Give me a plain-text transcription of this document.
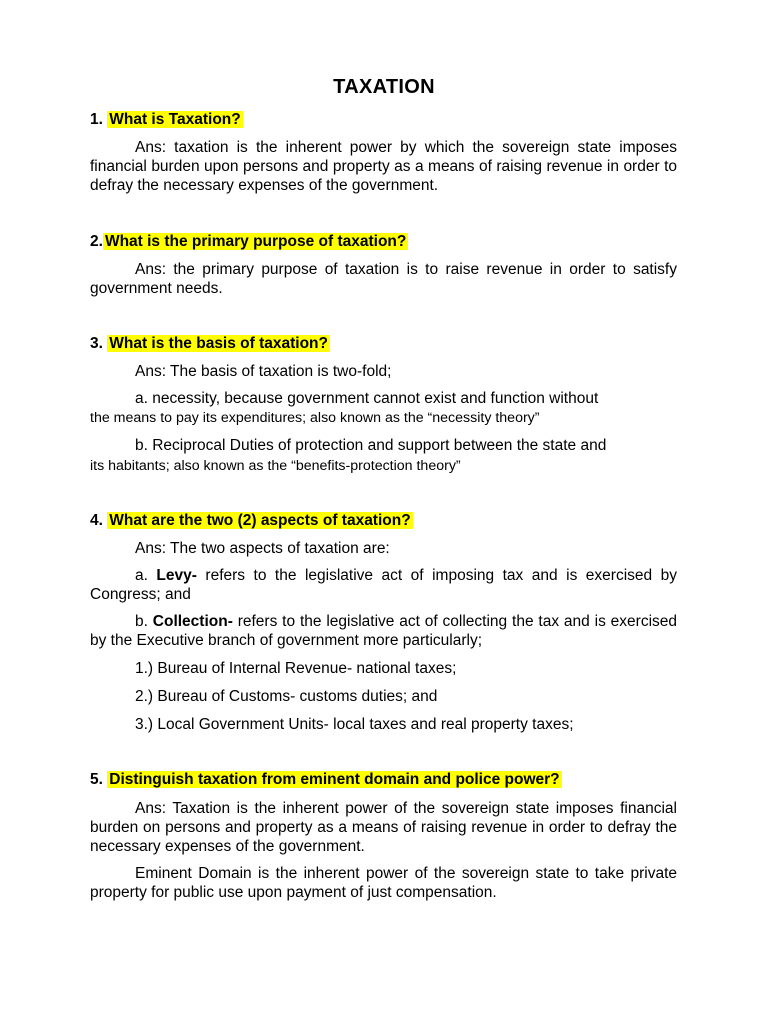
TAXATION
1. What is Taxation?
Ans: taxation is the inherent power by which the sovereign state imposes financial burden upon persons and property as a means of raising revenue in order to defray the necessary expenses of the government.
2. What is the primary purpose of taxation?
Ans: the primary purpose of taxation is to raise revenue in order to satisfy government needs.
3. What is the basis of taxation?
Ans: The basis of taxation is two-fold;
a. necessity, because government cannot exist and function without
the means to pay its expenditures; also known as the “necessity theory”
b. Reciprocal Duties of protection and support between the state and
its habitants; also known as the “benefits-protection theory”
4. What are the two (2) aspects of taxation?
Ans: The two aspects of taxation are:
a. Levy- refers to the legislative act of imposing tax and is exercised by Congress; and
b. Collection- refers to the legislative act of collecting the tax and is exercised by the Executive branch of government more particularly;
1.) Bureau of Internal Revenue- national taxes;
2.) Bureau of Customs- customs duties; and
3.) Local Government Units- local taxes and real property taxes;
5. Distinguish taxation from eminent domain and police power?
Ans: Taxation is the inherent power of the sovereign state imposes financial burden on persons and property as a means of raising revenue in order to defray the necessary expenses of the government.
Eminent Domain is the inherent power of the sovereign state to take private property for public use upon payment of just compensation.
